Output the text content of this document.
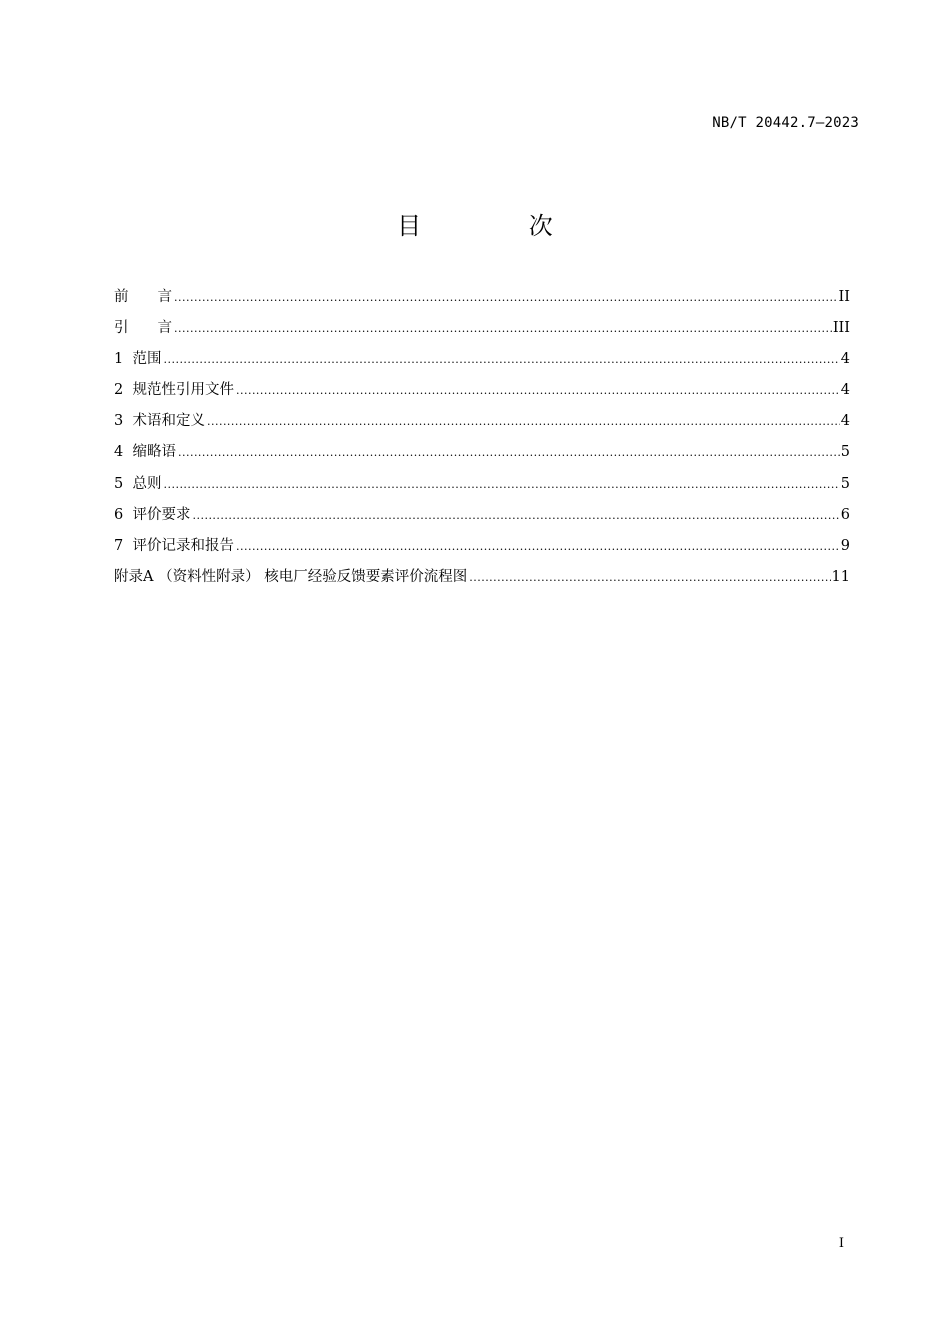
NB/T 20442.7—2023
目 次
前　　言 .....	II
引　　言 .....	III
1  范围 .....	4
2  规范性引用文件 .....	4
3  术语和定义 .....	4
4  缩略语 .....	5
5  总则 .....	5
6  评价要求 .....	6
7  评价记录和报告 .....	9
附录A （资料性附录） 核电厂经验反馈要素评价流程图 .....	11
I
